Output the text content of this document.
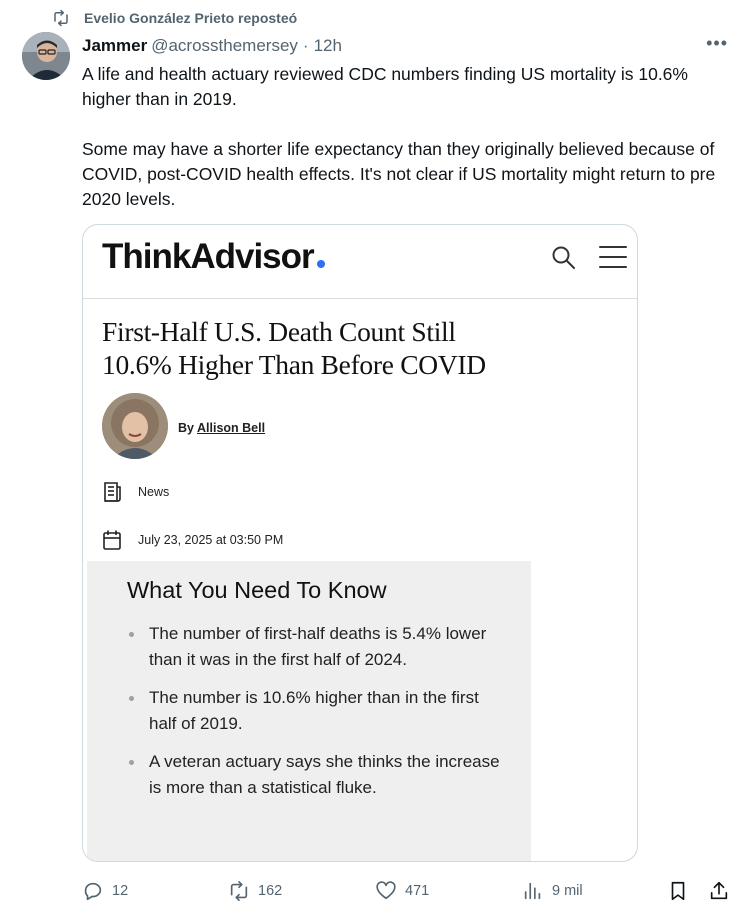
Evelio González Prieto reposteó
Jammer @acrossthemersey · 12h	•••

A life and health actuary reviewed CDC numbers finding US mortality is 10.6% higher than in 2019.

Some may have a shorter life expectancy than they originally believed because of COVID, post-COVID health effects. It's not clear if US mortality might return to pre 2020 levels.

ThinkAdvisor
First-Half U.S. Death Count Still
10.6% Higher Than Before COVID
By Allison Bell
News
July 23, 2025 at 03:50 PM
What You Need To Know
The number of first-half deaths is 5.4% lower than it was in the first half of 2024.
The number is 10.6% higher than in the first half of 2019.
A veteran actuary says she thinks the increase is more than a statistical fluke.
12	162	471	9 mil
